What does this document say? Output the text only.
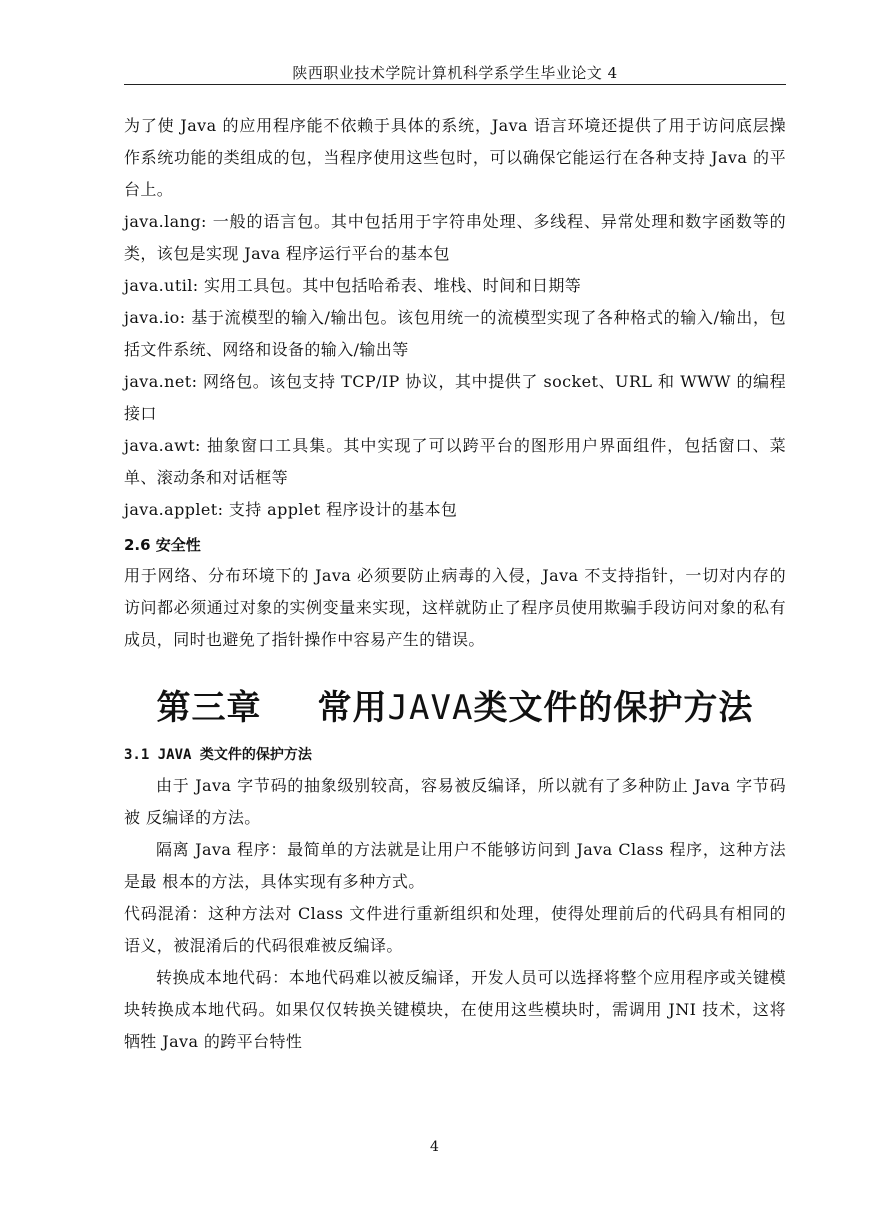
陕西职业技术学院计算机科学系学生毕业论文 4

为了使 Java 的应用程序能不依赖于具体的系统，Java 语言环境还提供了用于访问底层操作系统功能的类组成的包，当程序使用这些包时，可以确保它能运行在各种支持 Java 的平台上。

java.lang: 一般的语言包。其中包括用于字符串处理、多线程、异常处理和数字函数等的类，该包是实现 Java 程序运行平台的基本包

java.util: 实用工具包。其中包括哈希表、堆栈、时间和日期等

java.io: 基于流模型的输入/输出包。该包用统一的流模型实现了各种格式的输入/输出，包括文件系统、网络和设备的输入/输出等

java.net: 网络包。该包支持 TCP/IP 协议，其中提供了 socket、URL 和 WWW 的编程接口

java.awt: 抽象窗口工具集。其中实现了可以跨平台的图形用户界面组件，包括窗口、菜单、滚动条和对话框等

java.applet: 支持 applet 程序设计的基本包

2.6 安全性

用于网络、分布环境下的 Java 必须要防止病毒的入侵，Java 不支持指针，一切对内存的访问都必须通过对象的实例变量来实现，这样就防止了程序员使用欺骗手段访问对象的私有成员，同时也避免了指针操作中容易产生的错误。

第三章 常用JAVA类文件的保护方法
3.1 JAVA 类文件的保护方法

由于 Java 字节码的抽象级别较高，容易被反编译，所以就有了多种防止 Java 字节码被 反编译的方法。

隔离 Java 程序：最简单的方法就是让用户不能够访问到 Java Class 程序，这种方法是最 根本的方法，具体实现有多种方式。

代码混淆：这种方法对 Class 文件进行重新组织和处理，使得处理前后的代码具有相同的语义，被混淆后的代码很难被反编译。

转换成本地代码：本地代码难以被反编译，开发人员可以选择将整个应用程序或关键模块转换成本地代码。如果仅仅转换关键模块，在使用这些模块时，需调用 JNI 技术，这将牺牲 Java 的跨平台特性

4
